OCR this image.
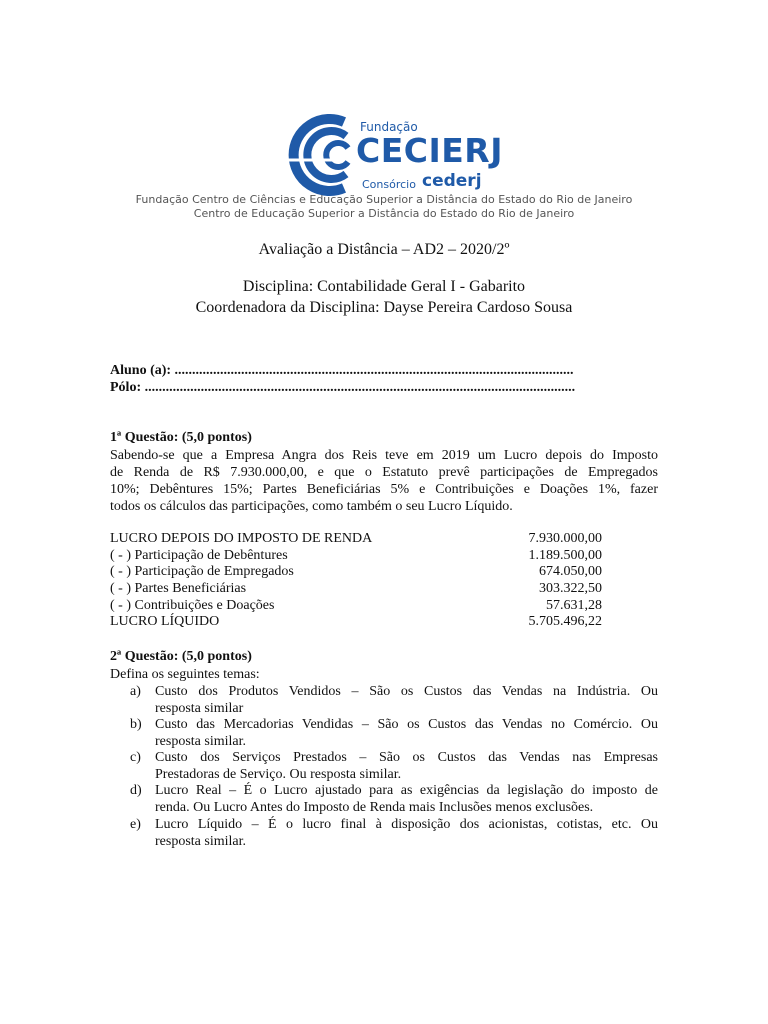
Fundação
CECIERJ
Consórcio cederj
Fundação Centro de Ciências e Educação Superior a Distância do Estado do Rio de Janeiro
Centro de Educação Superior a Distância do Estado do Rio de Janeiro
Avaliação a Distância – AD2 – 2020/2º
Disciplina: Contabilidade Geral I - Gabarito
Coordenadora da Disciplina: Dayse Pereira Cardoso Sousa
Aluno (a): ..................................................................................................................
Pólo: ...........................................................................................................................
1ª Questão: (5,0 pontos)
Sabendo-se que a Empresa Angra dos Reis teve em 2019 um Lucro depois do Imposto
de Renda de R$ 7.930.000,00, e que o Estatuto prevê participações de Empregados
10%; Debêntures 15%; Partes Beneficiárias 5% e Contribuições e Doações 1%, fazer
todos os cálculos das participações, como também o seu Lucro Líquido.
LUCRO DEPOIS DO IMPOSTO DE RENDA	7.930.000,00
( - ) Participação de Debêntures	1.189.500,00
( - ) Participação de Empregados	674.050,00
( - ) Partes Beneficiárias	303.322,50
( - ) Contribuições e Doações	57.631,28
LUCRO LÍQUIDO	5.705.496,22
2ª Questão: (5,0 pontos)
Defina os seguintes temas:
a) Custo dos Produtos Vendidos – São os Custos das Vendas na Indústria. Ou
resposta similar
b) Custo das Mercadorias Vendidas – São os Custos das Vendas no Comércio. Ou
resposta similar.
c) Custo dos Serviços Prestados – São os Custos das Vendas nas Empresas
Prestadoras de Serviço. Ou resposta similar.
d) Lucro Real – É o Lucro ajustado para as exigências da legislação do imposto de
renda. Ou Lucro Antes do Imposto de Renda mais Inclusões menos exclusões.
e) Lucro Líquido – É o lucro final à disposição dos acionistas, cotistas, etc. Ou
resposta similar.
